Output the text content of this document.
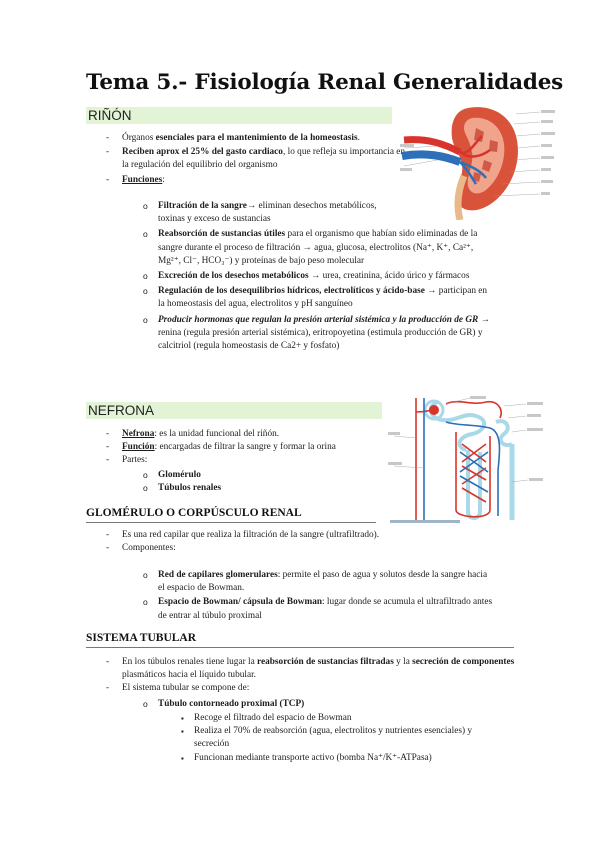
Tema 5.- Fisiología Renal Generalidades
RIÑÓN
- Órganos esenciales para el mantenimiento de la homeostasis.
- Reciben aprox el 25% del gasto cardiaco, lo que refleja su importancia en la regulación del equilibrio del organismo
- Funciones:
o Filtración de la sangre→ eliminan desechos metabólicos, toxinas y exceso de sustancias
o Reabsorción de sustancias útiles para el organismo que habían sido eliminadas de la sangre durante el proceso de filtración → agua, glucosa, electrolitos (Na⁺, K⁺, Ca²⁺, Mg²⁺, Cl⁻, HCO₃⁻) y proteínas de bajo peso molecular
o Excreción de los desechos metabólicos → urea, creatinina, ácido úrico y fármacos
o Regulación de los desequilibrios hídricos, electrolíticos y ácido-base → participan en la homeostasis del agua, electrolitos y pH sanguíneo
o Producir hormonas que regulan la presión arterial sistémica y la producción de GR → renina (regula presión arterial sistémica), eritropoyetina (estimula producción de GR) y calcitriol (regula homeostasis de Ca2+ y fosfato)
NEFRONA
- Nefrona: es la unidad funcional del riñón.
- Función: encargadas de filtrar la sangre y formar la orina
- Partes:
o Glomérulo
o Túbulos renales
GLOMÉRULO O CORPÚSCULO RENAL
- Es una red capilar que realiza la filtración de la sangre (ultrafiltrado).
- Componentes:
o Red de capilares glomerulares: permite el paso de agua y solutos desde la sangre hacia el espacio de Bowman.
o Espacio de Bowman/ cápsula de Bowman: lugar donde se acumula el ultrafiltrado antes de entrar al túbulo proximal
SISTEMA TUBULAR
- En los túbulos renales tiene lugar la reabsorción de sustancias filtradas y la secreción de componentes plasmáticos hacia el líquido tubular.
- El sistema tubular se compone de:
o Túbulo contorneado proximal (TCP)
▪ Recoge el filtrado del espacio de Bowman
▪ Realiza el 70% de reabsorción (agua, electrolitos y nutrientes esenciales) y secreción
▪ Funcionan mediante transporte activo (bomba Na⁺/K⁺-ATPasa)
